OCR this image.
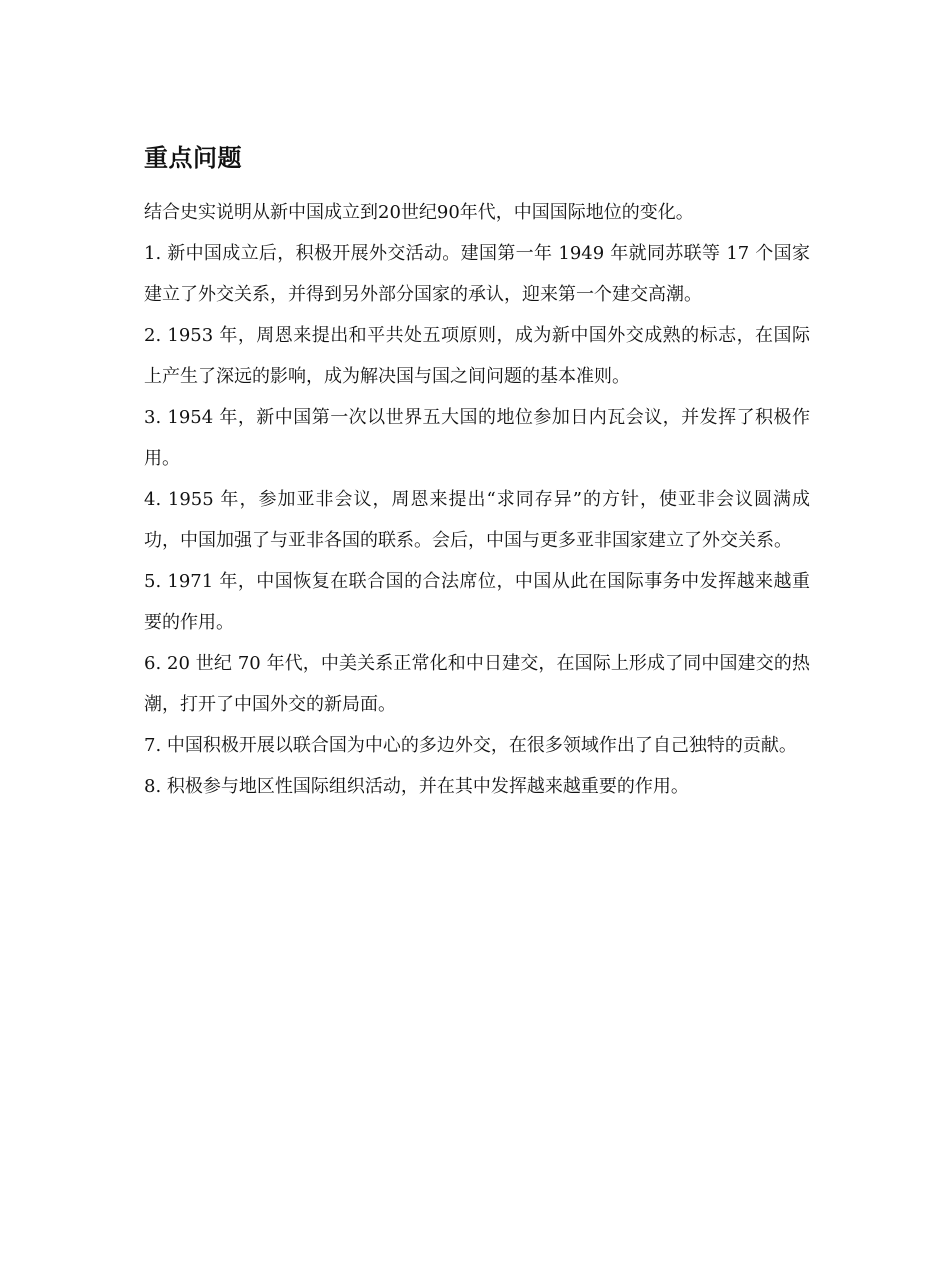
重点问题

结合史实说明从新中国成立到20世纪90年代，中国国际地位的变化。

1. 新中国成立后，积极开展外交活动。建国第一年 1949 年就同苏联等 17 个国家建立了外交关系，并得到另外部分国家的承认，迎来第一个建交高潮。
2. 1953 年，周恩来提出和平共处五项原则，成为新中国外交成熟的标志，在国际上产生了深远的影响，成为解决国与国之间问题的基本准则。
3. 1954 年，新中国第一次以世界五大国的地位参加日内瓦会议，并发挥了积极作用。
4. 1955 年，参加亚非会议，周恩来提出“求同存异”的方针，使亚非会议圆满成功，中国加强了与亚非各国的联系。会后，中国与更多亚非国家建立了外交关系。
5. 1971 年，中国恢复在联合国的合法席位，中国从此在国际事务中发挥越来越重要的作用。
6. 20 世纪 70 年代，中美关系正常化和中日建交，在国际上形成了同中国建交的热潮，打开了中国外交的新局面。
7. 中国积极开展以联合国为中心的多边外交，在很多领域作出了自己独特的贡献。
8. 积极参与地区性国际组织活动，并在其中发挥越来越重要的作用。
